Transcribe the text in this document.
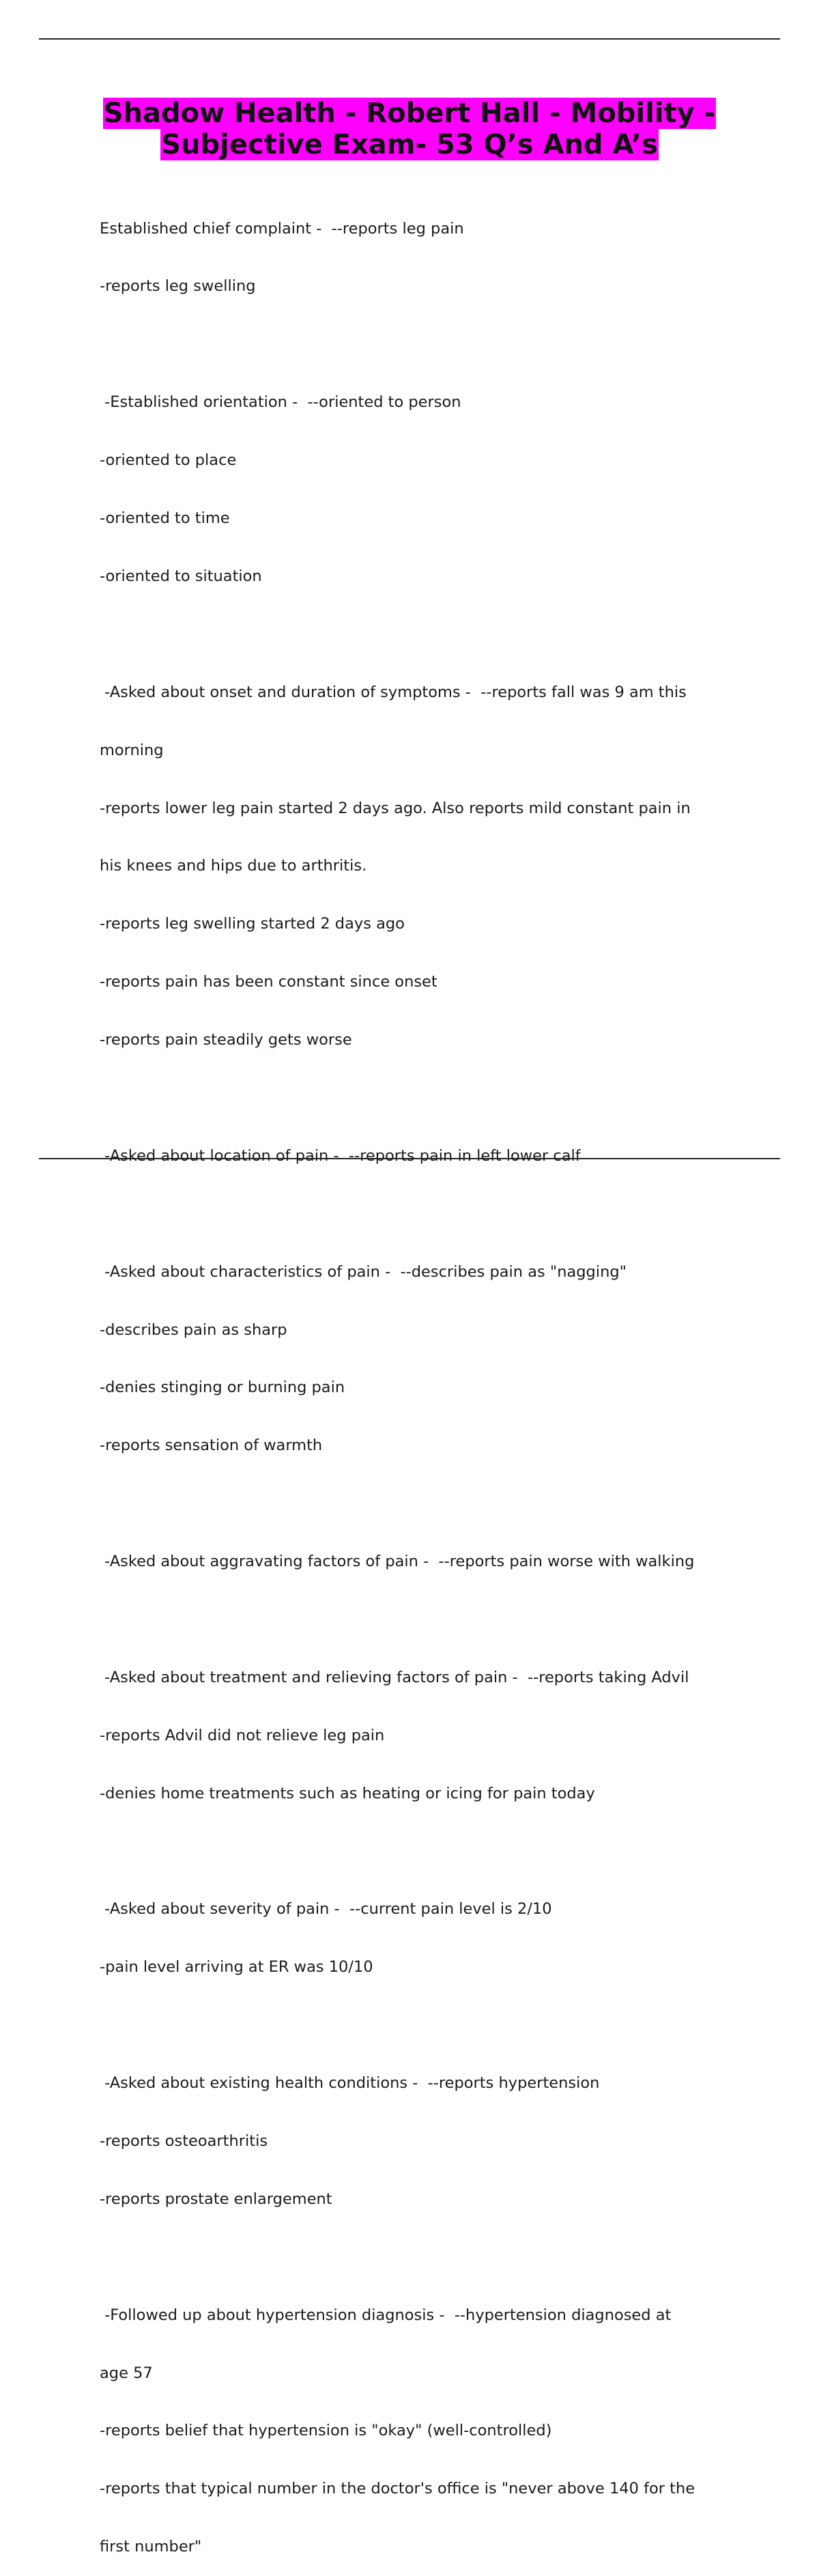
Shadow Health - Robert Hall - Mobility -
Subjective Exam- 53 Q’s And A’s

Established chief complaint -  --reports leg pain

-reports leg swelling

-Established orientation -  --oriented to person

-oriented to place

-oriented to time

-oriented to situation

-Asked about onset and duration of symptoms -  --reports fall was 9 am this

morning

-reports lower leg pain started 2 days ago. Also reports mild constant pain in

his knees and hips due to arthritis.

-reports leg swelling started 2 days ago

-reports pain has been constant since onset

-reports pain steadily gets worse

-Asked about location of pain -  --reports pain in left lower calf

-Asked about characteristics of pain -  --describes pain as "nagging"

-describes pain as sharp

-denies stinging or burning pain

-reports sensation of warmth

-Asked about aggravating factors of pain -  --reports pain worse with walking

-Asked about treatment and relieving factors of pain -  --reports taking Advil

-reports Advil did not relieve leg pain

-denies home treatments such as heating or icing for pain today

-Asked about severity of pain -  --current pain level is 2/10

-pain level arriving at ER was 10/10

-Asked about existing health conditions -  --reports hypertension

-reports osteoarthritis

-reports prostate enlargement

-Followed up about hypertension diagnosis -  --hypertension diagnosed at

age 57

-reports belief that hypertension is "okay" (well-controlled)

-reports that typical number in the doctor's office is "never above 140 for the

first number"
